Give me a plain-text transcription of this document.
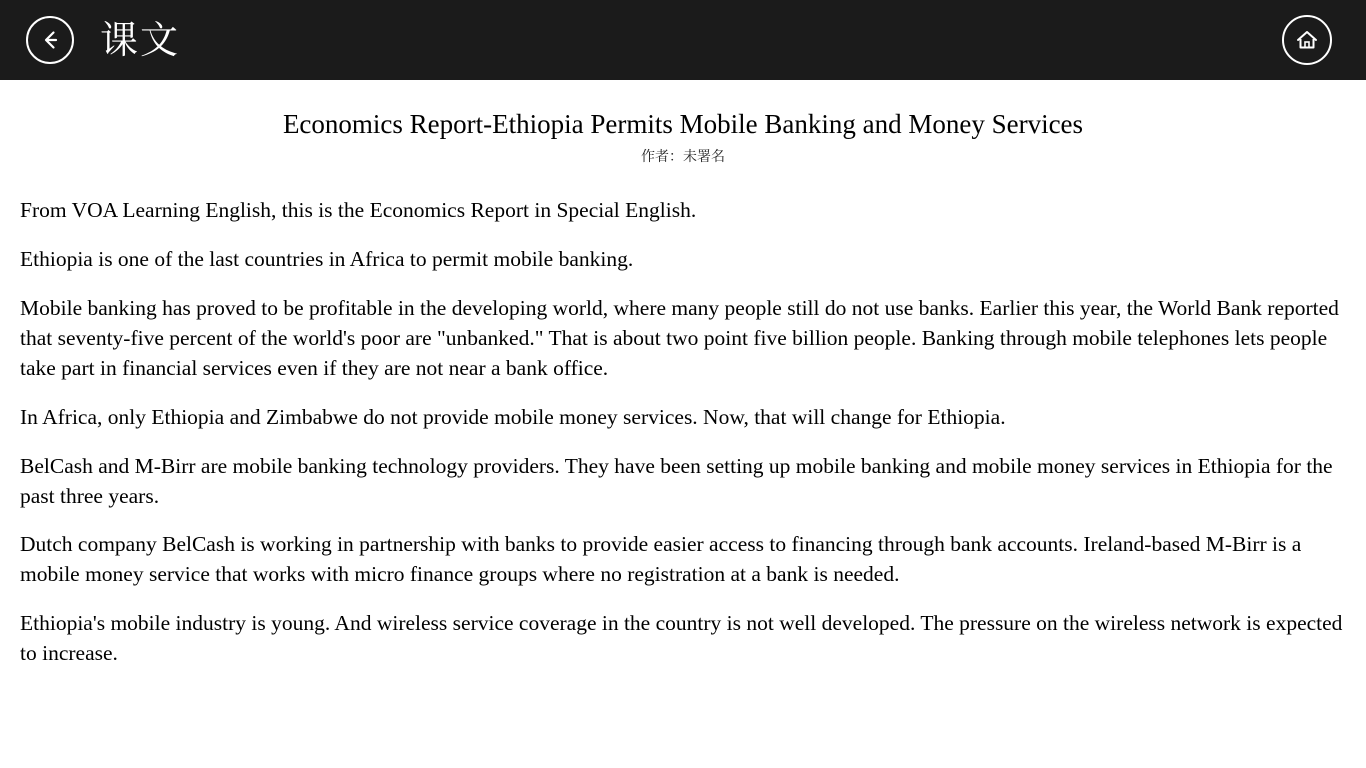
课文
Economics Report-Ethiopia Permits Mobile Banking and Money Services
作者：未署名

From VOA Learning English, this is the Economics Report in Special English.

Ethiopia is one of the last countries in Africa to permit mobile banking.

Mobile banking has proved to be profitable in the developing world, where many people still do not use banks. Earlier this year, the World Bank reported that seventy-five percent of the world's poor are "unbanked." That is about two point five billion people. Banking through mobile telephones lets people take part in financial services even if they are not near a bank office.

In Africa, only Ethiopia and Zimbabwe do not provide mobile money services. Now, that will change for Ethiopia.

BelCash and M-Birr are mobile banking technology providers. They have been setting up mobile banking and mobile money services in Ethiopia for the past three years.

Dutch company BelCash is working in partnership with banks to provide easier access to financing through bank accounts. Ireland-based M-Birr is a mobile money service that works with micro finance groups where no registration at a bank is needed.

Ethiopia's mobile industry is young. And wireless service coverage in the country is not well developed. The pressure on the wireless network is expected to increase.
